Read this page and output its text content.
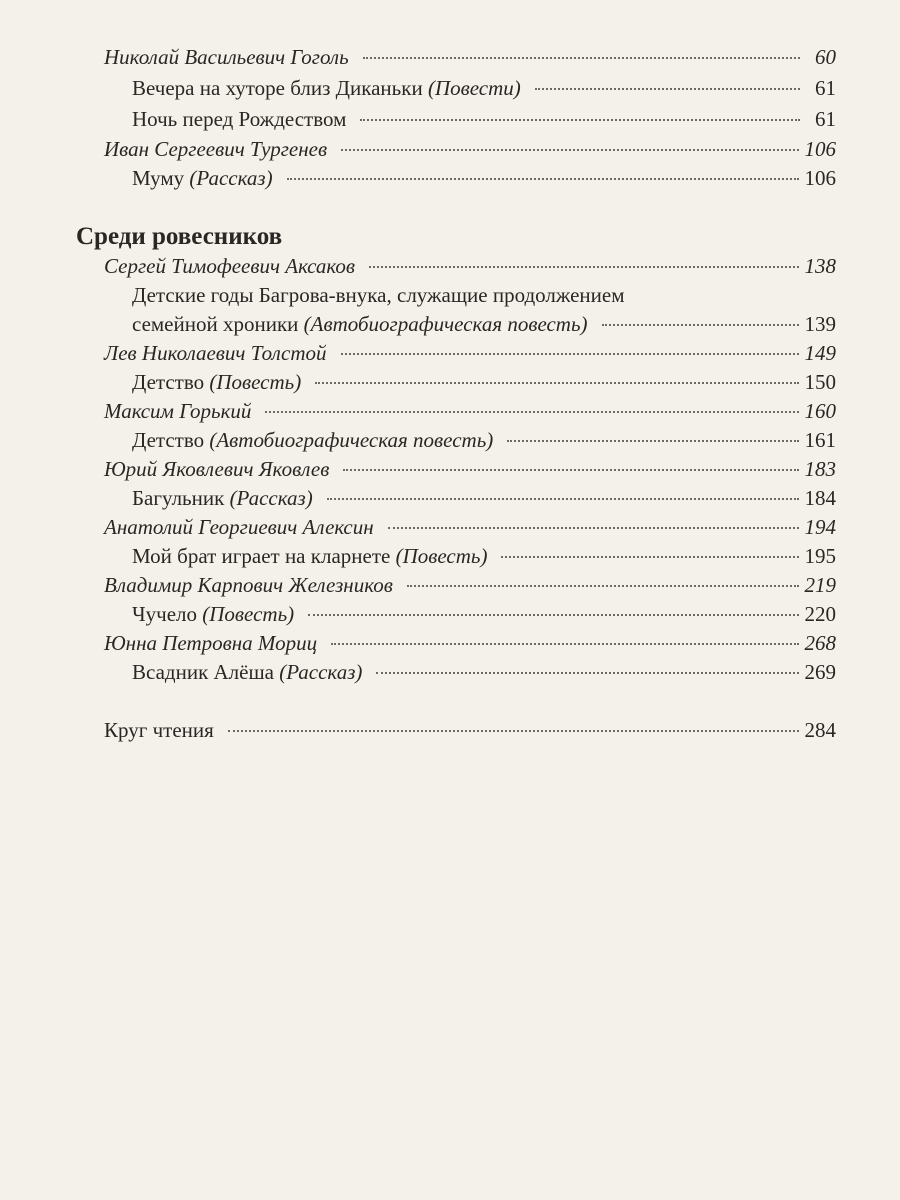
Николай Васильевич Гоголь	60
Вечера на хуторе близ Диканьки (Повести)	61
Ночь перед Рождеством	61
Иван Сергеевич Тургенев	106
Муму (Рассказ)	106
Среди ровесников
Сергей Тимофеевич Аксаков	138
Детские годы Багрова-внука, служащие продолжением
семейной хроники (Автобиографическая повесть)	139
Лев Николаевич Толстой	149
Детство (Повесть)	150
Максим Горький	160
Детство (Автобиографическая повесть)	161
Юрий Яковлевич Яковлев	183
Багульник (Рассказ)	184
Анатолий Георгиевич Алексин	194
Мой брат играет на кларнете (Повесть)	195
Владимир Карпович Железников	219
Чучело (Повесть)	220
Юнна Петровна Мориц	268
Всадник Алёша (Рассказ)	269
Круг чтения	284
